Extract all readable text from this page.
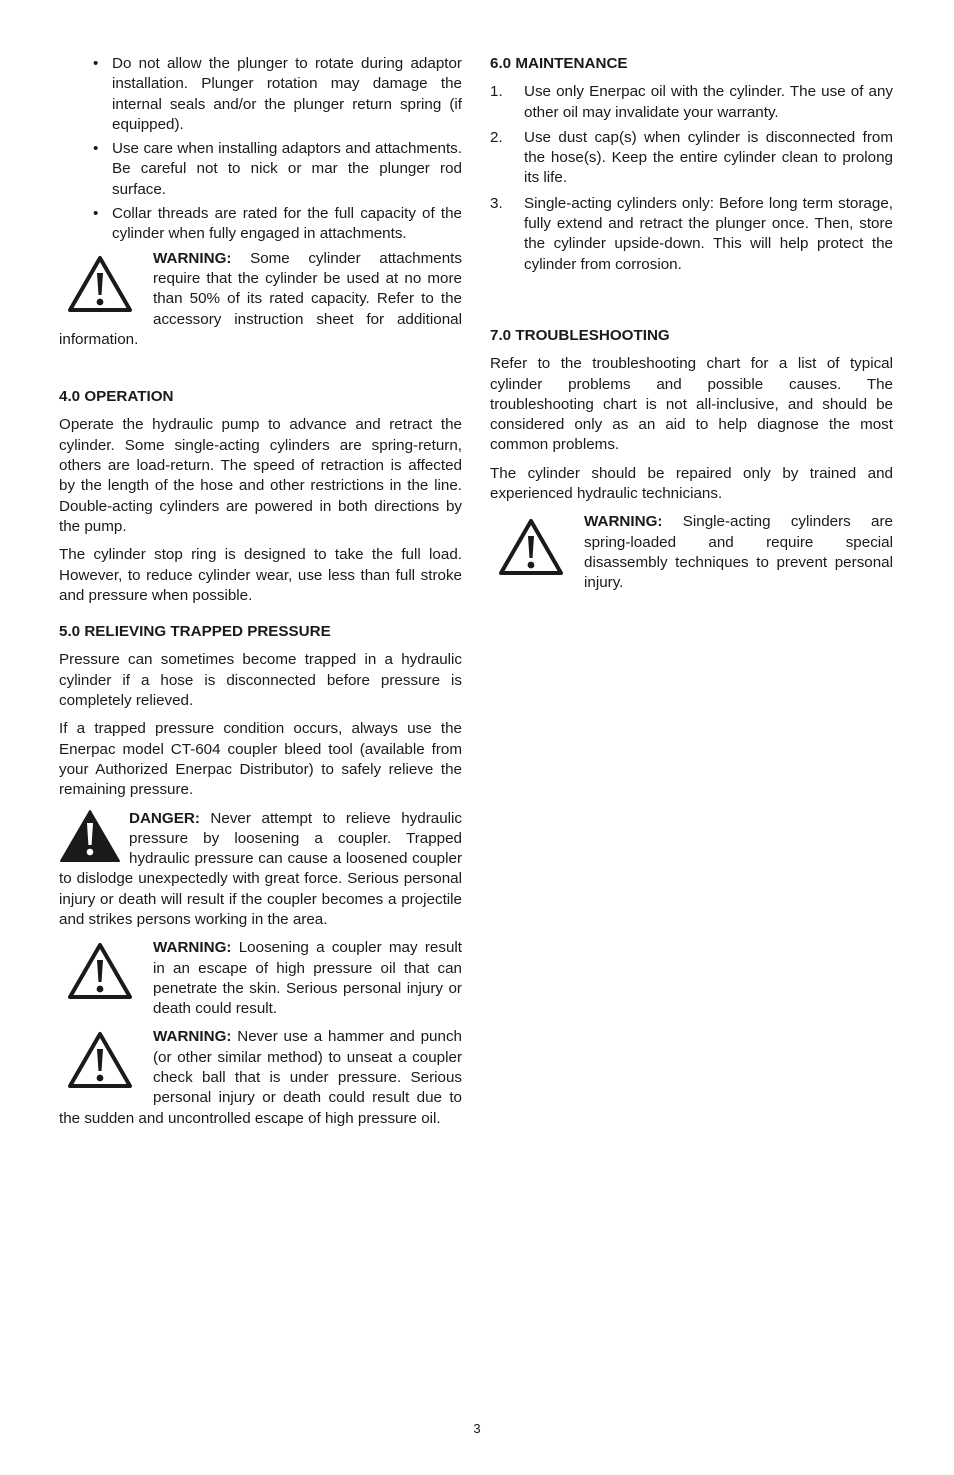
• Do not allow the plunger to rotate during adaptor installation. Plunger rotation may damage the internal seals and/or the plunger return spring (if equipped).
• Use care when installing adaptors and attachments. Be careful not to nick or mar the plunger rod surface.
• Collar threads are rated for the full capacity of the cylinder when fully engaged in attachments.

WARNING: Some cylinder attachments require that the cylinder be used at no more than 50% of its rated capacity. Refer to the accessory instruction sheet for additional information.

4.0 OPERATION

Operate the hydraulic pump to advance and retract the cylinder. Some single-acting cylinders are spring-return, others are load-return. The speed of retraction is affected by the length of the hose and other restrictions in the line. Double-acting cylinders are powered in both directions by the pump.

The cylinder stop ring is designed to take the full load. However, to reduce cylinder wear, use less than full stroke and pressure when possible.

5.0 RELIEVING TRAPPED PRESSURE

Pressure can sometimes become trapped in a hydraulic cylinder if a hose is disconnected before pressure is completely relieved.

If a trapped pressure condition occurs, always use the Enerpac model CT-604 coupler bleed tool (available from your Authorized Enerpac Distributor) to safely relieve the remaining pressure.

DANGER: Never attempt to relieve hydraulic pressure by loosening a coupler. Trapped hydraulic pressure can cause a loosened coupler to dislodge unexpectedly with great force. Serious personal injury or death will result if the coupler becomes a projectile and strikes persons working in the area.

WARNING: Loosening a coupler may result in an escape of high pressure oil that can penetrate the skin. Serious personal injury or death could result.

WARNING: Never use a hammer and punch (or other similar method) to unseat a coupler check ball that is under pressure. Serious personal injury or death could result due to the sudden and uncontrolled escape of high pressure oil.

6.0 MAINTENANCE
1. Use only Enerpac oil with the cylinder. The use of any other oil may invalidate your warranty.
2. Use dust cap(s) when cylinder is disconnected from the hose(s). Keep the entire cylinder clean to prolong its life.
3. Single-acting cylinders only: Before long term storage, fully extend and retract the plunger once. Then, store the cylinder upside-down. This will help protect the cylinder from corrosion.
7.0 TROUBLESHOOTING

Refer to the troubleshooting chart for a list of typical cylinder problems and possible causes. The troubleshooting chart is not all-inclusive, and should be considered only as an aid to help diagnose the most common problems.

The cylinder should be repaired only by trained and experienced hydraulic technicians.

WARNING: Single-acting cylinders are spring-loaded and require special disassembly techniques to prevent personal injury.

3
